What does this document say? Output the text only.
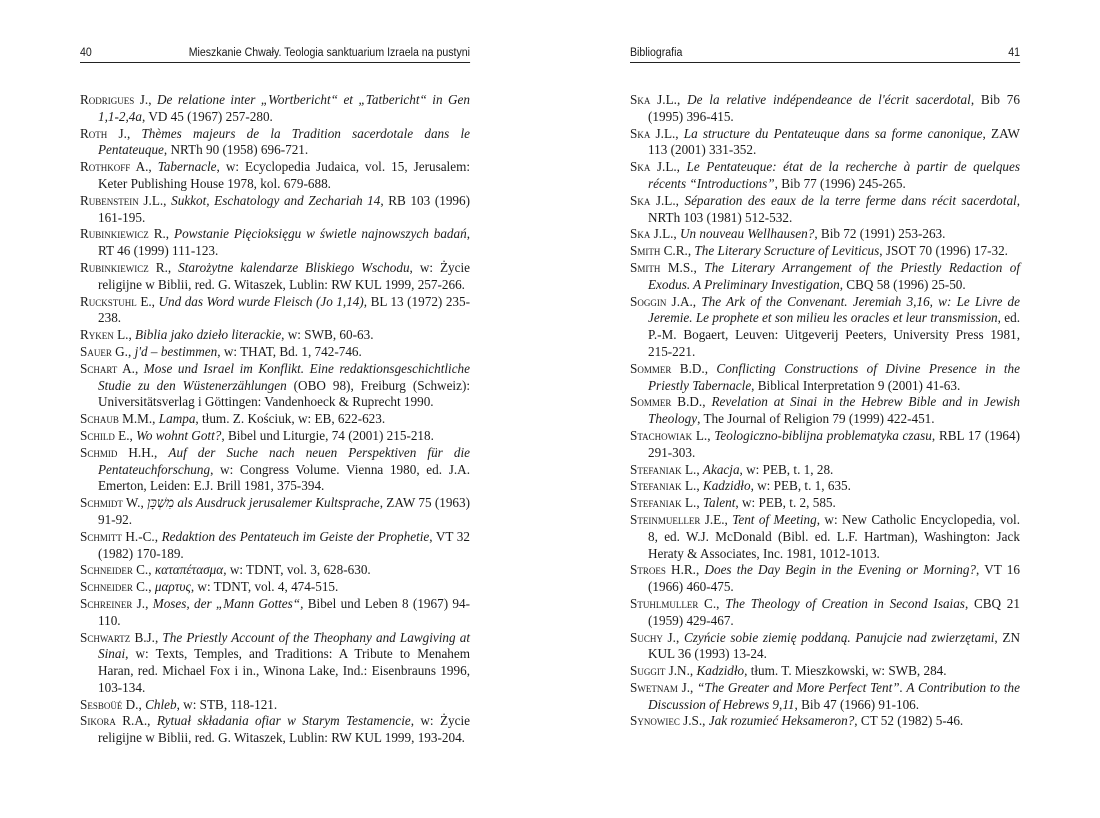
40	Mieszkanie Chwały. Teologia sanktuarium Izraela na pustyni

Rodrigues J., De relatione inter „Wortbericht“ et „Tatbericht“ in Gen 1,1-2,4a, VD 45 (1967) 257-280.

Roth J., Thèmes majeurs de la Tradition sacerdotale dans le Pentateuque, NRTh 90 (1958) 696-721.

Rothkoff A., Tabernacle, w: Ecyclopedia Judaica, vol. 15, Jerusalem: Keter Publishing House 1978, kol. 679-688.

Rubenstein J.L., Sukkot, Eschatology and Zechariah 14, RB 103 (1996) 161-195.

Rubinkiewicz R., Powstanie Pięcioksięgu w świetle najnowszych badań, RT 46 (1999) 111-123.

Rubinkiewicz R., Starożytne kalendarze Bliskiego Wschodu, w: Życie religijne w Biblii, red. G. Witaszek, Lublin: RW KUL 1999, 257-266.

Ruckstuhl E., Und das Word wurde Fleisch (Jo 1,14), BL 13 (1972) 235-238.

Ryken L., Biblia jako dzieło literackie, w: SWB, 60-63.

Sauer G., j'd – bestimmen, w: THAT, Bd. 1, 742-746.

Schart A., Mose und Israel im Konflikt. Eine redaktionsgeschichtliche Studie zu den Wüstenerzählungen (OBO 98), Freiburg (Schweiz): Universitätsverlag i Göttingen: Vandenhoeck & Ruprecht 1990.

Schaub M.M., Lampa, tłum. Z. Kościuk, w: EB, 622-623.

Schild E., Wo wohnt Gott?, Bibel und Liturgie, 74 (2001) 215-218.

Schmid H.H., Auf der Suche nach neuen Perspektiven für die Pentateuchforschung, w: Congress Volume. Vienna 1980, ed. J.A. Emerton, Leiden: E.J. Brill 1981, 375-394.

Schmidt W., מִשְׁכָּן als Ausdruck jerusalemer Kultsprache, ZAW 75 (1963) 91-92.

Schmitt H.-C., Redaktion des Pentateuch im Geiste der Prophetie, VT 32 (1982) 170-189.

Schneider C., καταπέτασμα, w: TDNT, vol. 3, 628-630.

Schneider C., μαρτυς, w: TDNT, vol. 4, 474-515.

Schreiner J., Moses, der „Mann Gottes“, Bibel und Leben 8 (1967) 94-110.

Schwartz B.J., The Priestly Account of the Theophany and Lawgiving at Sinai, w: Texts, Temples, and Traditions: A Tribute to Menahem Haran, red. Michael Fox i in., Winona Lake, Ind.: Eisenbrauns 1996, 103-134.

Sesboüé D., Chleb, w: STB, 118-121.

Sikora R.A., Rytuał składania ofiar w Starym Testamencie, w: Życie religijne w Biblii, red. G. Witaszek, Lublin: RW KUL 1999, 193-204.

Bibliografia	41

Ska J.L., De la relative indépendeance de l'écrit sacerdotal, Bib 76 (1995) 396-415.

Ska J.L., La structure du Pentateuque dans sa forme canonique, ZAW 113 (2001) 331-352.

Ska J.L., Le Pentateuque: état de la recherche à partir de quelques récents “Introductions”, Bib 77 (1996) 245-265.

Ska J.L., Séparation des eaux de la terre ferme dans récit sacerdotal, NRTh 103 (1981) 512-532.

Ska J.L., Un nouveau Wellhausen?, Bib 72 (1991) 253-263.

Smith C.R., The Literary Scructure of Leviticus, JSOT 70 (1996) 17-32.

Smith M.S., The Literary Arrangement of the Priestly Redaction of Exodus. A Preliminary Investigation, CBQ 58 (1996) 25-50.

Soggin J.A., The Ark of the Convenant. Jeremiah 3,16, w: Le Livre de Jeremie. Le prophete et son milieu les oracles et leur transmission, ed. P.-M. Bogaert, Leuven: Uitgeverij Peeters, University Press 1981, 215-221.

Sommer B.D., Conflicting Constructions of Divine Presence in the Priestly Tabernacle, Biblical Interpretation 9 (2001) 41-63.

Sommer B.D., Revelation at Sinai in the Hebrew Bible and in Jewish Theology, The Journal of Religion 79 (1999) 422-451.

Stachowiak L., Teologiczno-biblijna problematyka czasu, RBL 17 (1964) 291-303.

Stefaniak L., Akacja, w: PEB, t. 1, 28.

Stefaniak L., Kadzidło, w: PEB, t. 1, 635.

Stefaniak L., Talent, w: PEB, t. 2, 585.

Steinmueller J.E., Tent of Meeting, w: New Catholic Encyclopedia, vol. 8, ed. W.J. McDonald (Bibl. ed. L.F. Hartman), Washington: Jack Heraty & Associates, Inc. 1981, 1012-1013.

Stroes H.R., Does the Day Begin in the Evening or Morning?, VT 16 (1966) 460-475.

Stuhlmuller C., The Theology of Creation in Second Isaias, CBQ 21 (1959) 429-467.

Suchy J., Czyńcie sobie ziemię poddaną. Panujcie nad zwierzętami, ZN KUL 36 (1993) 13-24.

Suggit J.N., Kadzidło, tłum. T. Mieszkowski, w: SWB, 284.

Swetnam J., “The Greater and More Perfect Tent”. A Contribution to the Discussion of Hebrews 9,11, Bib 47 (1966) 91-106.

Synowiec J.S., Jak rozumieć Heksameron?, CT 52 (1982) 5-46.
